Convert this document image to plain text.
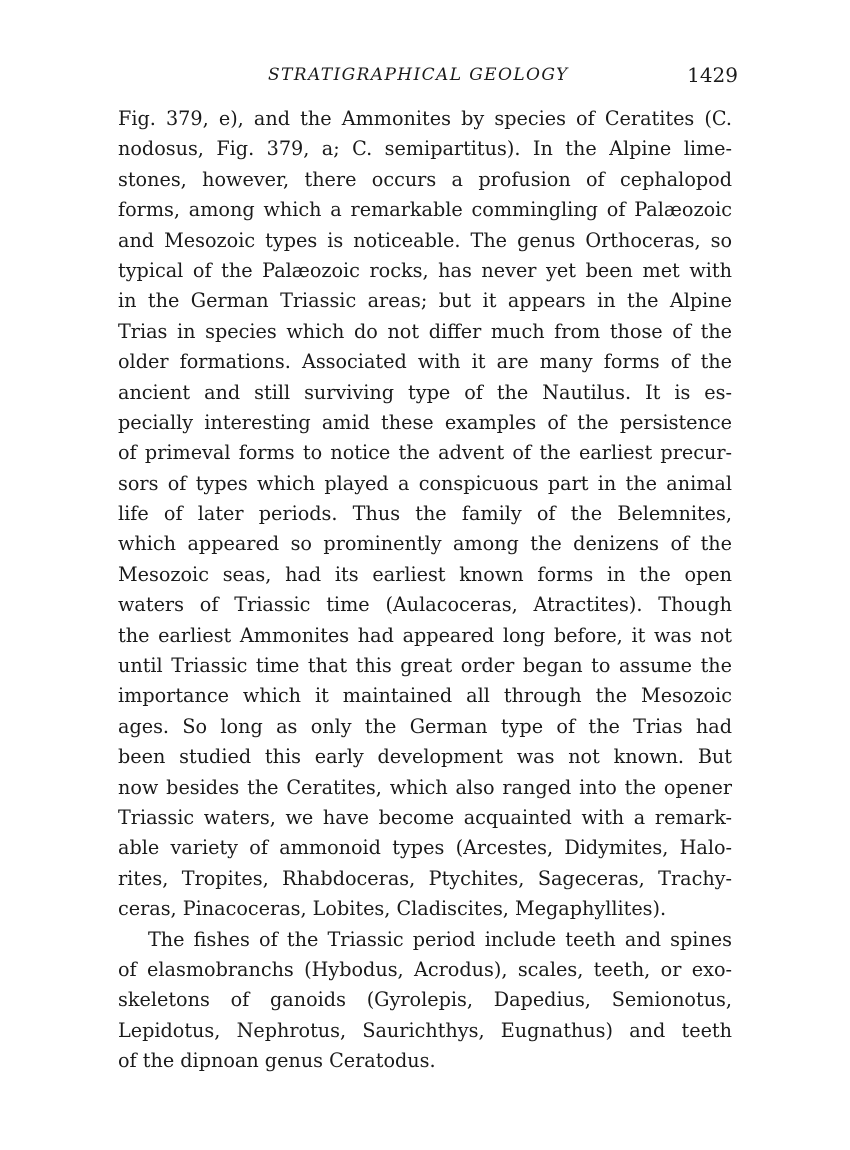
STRATIGRAPHICAL GEOLOGY	1429
Fig. 379, e), and the Ammonites by species of Ceratites (C.
nodosus, Fig. 379, a; C. semipartitus). In the Alpine lime-
stones, however, there occurs a profusion of cephalopod
forms, among which a remarkable commingling of Palæozoic
and Mesozoic types is noticeable. The genus Orthoceras, so
typical of the Palæozoic rocks, has never yet been met with
in the German Triassic areas; but it appears in the Alpine
Trias in species which do not differ much from those of the
older formations. Associated with it are many forms of the
ancient and still surviving type of the Nautilus. It is es-
pecially interesting amid these examples of the persistence
of primeval forms to notice the advent of the earliest precur-
sors of types which played a conspicuous part in the animal
life of later periods. Thus the family of the Belemnites,
which appeared so prominently among the denizens of the
Mesozoic seas, had its earliest known forms in the open
waters of Triassic time (Aulacoceras, Atractites). Though
the earliest Ammonites had appeared long before, it was not
until Triassic time that this great order began to assume the
importance which it maintained all through the Mesozoic
ages. So long as only the German type of the Trias had
been studied this early development was not known. But
now besides the Ceratites, which also ranged into the opener
Triassic waters, we have become acquainted with a remark-
able variety of ammonoid types (Arcestes, Didymites, Halo-
rites, Tropites, Rhabdoceras, Ptychites, Sageceras, Trachy-
ceras, Pinacoceras, Lobites, Cladiscites, Megaphyllites).
The fishes of the Triassic period include teeth and spines
of elasmobranchs (Hybodus, Acrodus), scales, teeth, or exo-
skeletons of ganoids (Gyrolepis, Dapedius, Semionotus,
Lepidotus, Nephrotus, Saurichthys, Eugnathus) and teeth
of the dipnoan genus Ceratodus.
